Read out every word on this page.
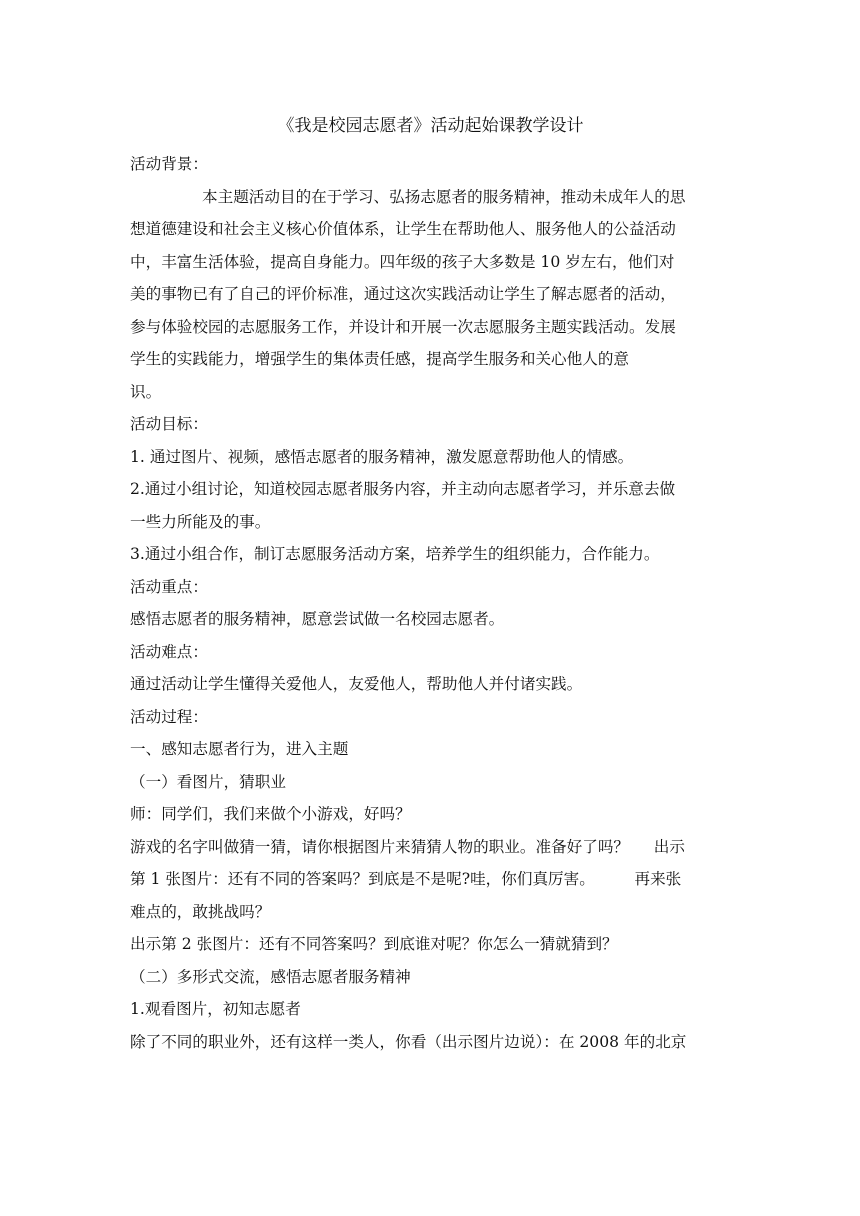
《我是校园志愿者》活动起始课教学设计
活动背景：
本主题活动目的在于学习、弘扬志愿者的服务精神，推动未成年人的思
想道德建设和社会主义核心价值体系，让学生在帮助他人、服务他人的公益活动
中，丰富生活体验，提高自身能力。四年级的孩子大多数是 10 岁左右，他们对
美的事物已有了自己的评价标准，通过这次实践活动让学生了解志愿者的活动，
参与体验校园的志愿服务工作，并设计和开展一次志愿服务主题实践活动。发展
学生的实践能力，增强学生的集体责任感，提高学生服务和关心他人的意
识。
活动目标：
1. 通过图片、视频，感悟志愿者的服务精神，激发愿意帮助他人的情感。
2.通过小组讨论，知道校园志愿者服务内容，并主动向志愿者学习，并乐意去做
一些力所能及的事。
3.通过小组合作，制订志愿服务活动方案，培养学生的组织能力，合作能力。
活动重点：
感悟志愿者的服务精神，愿意尝试做一名校园志愿者。
活动难点：
通过活动让学生懂得关爱他人，友爱他人，帮助他人并付诸实践。
活动过程：
一、感知志愿者行为，进入主题
（一）看图片，猜职业
师：同学们，我们来做个小游戏，好吗？
游戏的名字叫做猜一猜，请你根据图片来猜猜人物的职业。准备好了吗？     出示
第 1 张图片：还有不同的答案吗？到底是不是呢?哇，你们真厉害。        再来张
难点的，敢挑战吗？
出示第 2 张图片：还有不同答案吗？到底谁对呢？你怎么一猜就猜到？
（二）多形式交流，感悟志愿者服务精神
1.观看图片，初知志愿者
除了不同的职业外，还有这样一类人，你看（出示图片边说）：在 2008 年的北京
